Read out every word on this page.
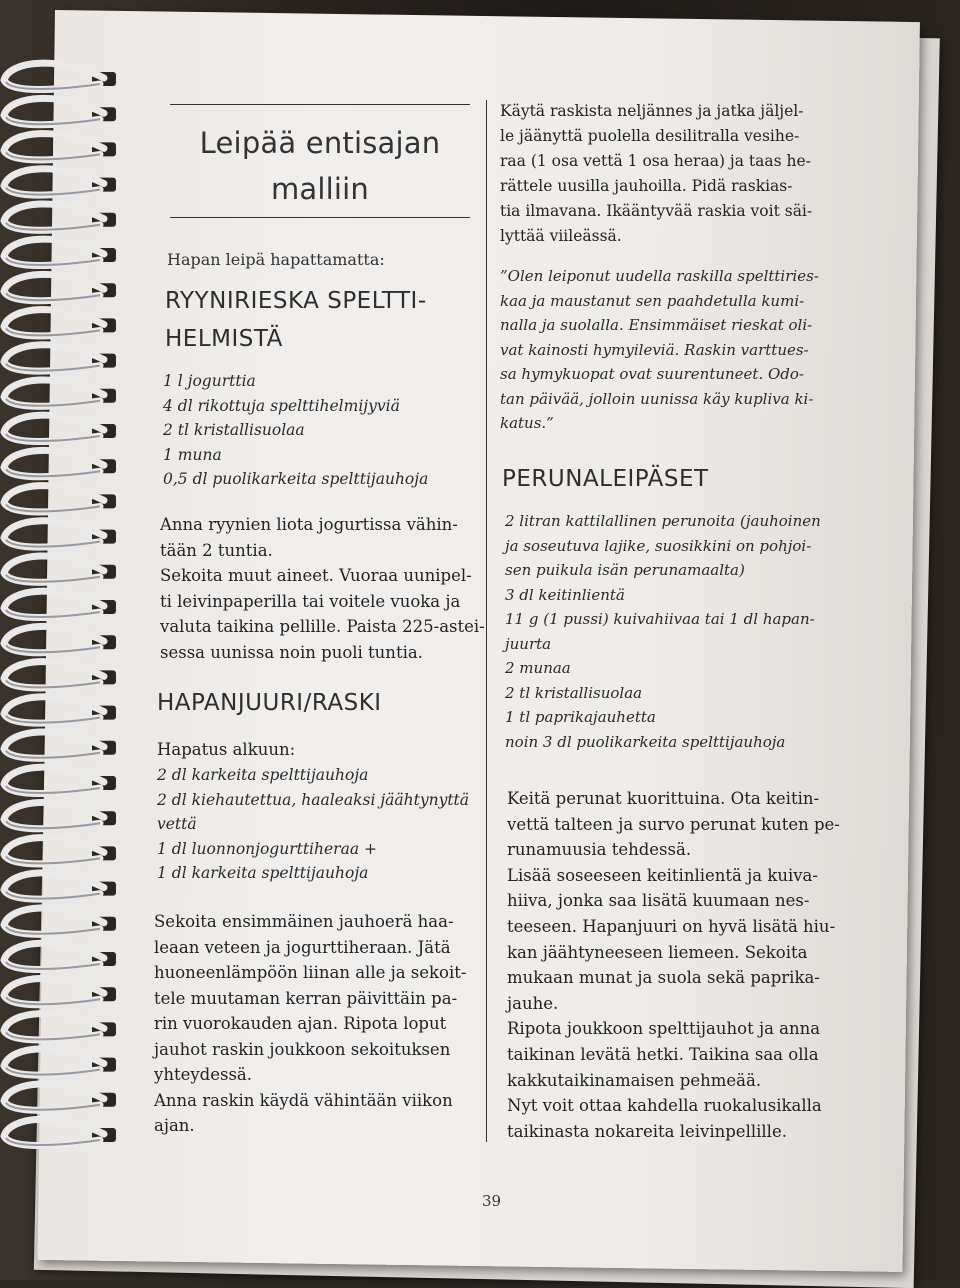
Leipää entisajan
malliin
Hapan leipä hapattamatta:
RYYNIRIESKA SPELTTI-
HELMISTÄ
1 l jogurttia
4 dl rikottuja spelttihelmijyviä
2 tl kristallisuolaa
1 muna
0,5 dl puolikarkeita spelttijauhoja
Anna ryynien liota jogurtissa vähin-
tään 2 tuntia.
Sekoita muut aineet. Vuoraa uunipel-
ti leivinpaperilla tai voitele vuoka ja
valuta taikina pellille. Paista 225-astei-
sessa uunissa noin puoli tuntia.
HAPANJUURI/RASKI
Hapatus alkuun:
2 dl karkeita spelttijauhoja
2 dl kiehautettua, haaleaksi jäähtynyttä
vettä
1 dl luonnonjogurttiheraa +
1 dl karkeita spelttijauhoja
Sekoita ensimmäinen jauhoerä haa-
leaan veteen ja jogurttiheraan. Jätä
huoneenlämpöön liinan alle ja sekoit-
tele muutaman kerran päivittäin pa-
rin vuorokauden ajan. Ripota loput
jauhot raskin joukkoon sekoituksen
yhteydessä.
Anna raskin käydä vähintään viikon
ajan.
Käytä raskista neljännes ja jatka jäljel-
le jäänyttä puolella desilitralla vesihe-
raa (1 osa vettä 1 osa heraa) ja taas he-
rättele uusilla jauhoilla. Pidä raskias-
tia ilmavana. Ikääntyvää raskia voit säi-
lyttää viileässä.
”Olen leiponut uudella raskilla spelttiries-
kaa ja maustanut sen paahdetulla kumi-
nalla ja suolalla. Ensimmäiset rieskat oli-
vat kainosti hymyileviä. Raskin varttues-
sa hymykuopat ovat suurentuneet. Odo-
tan päivää, jolloin uunissa käy kupliva ki-
katus.”
PERUNALEIPÄSET
2 litran kattilallinen perunoita (jauhoinen
ja soseutuva lajike, suosikkini on pohjoi-
sen puikula isän perunamaalta)
3 dl keitinlientä
11 g (1 pussi) kuivahiivaa tai 1 dl hapan-
juurta
2 munaa
2 tl kristallisuolaa
1 tl paprikajauhetta
noin 3 dl puolikarkeita spelttijauhoja
Keitä perunat kuorittuina. Ota keitin-
vettä talteen ja survo perunat kuten pe-
runamuusia tehdessä.
Lisää soseeseen keitinlientä ja kuiva-
hiiva, jonka saa lisätä kuumaan nes-
teeseen. Hapanjuuri on hyvä lisätä hiu-
kan jäähtyneeseen liemeen. Sekoita
mukaan munat ja suola sekä paprika-
jauhe.
Ripota joukkoon spelttijauhot ja anna
taikinan levätä hetki. Taikina saa olla
kakkutaikinamaisen pehmeää.
Nyt voit ottaa kahdella ruokalusikalla
taikinasta nokareita leivinpellille.
39
